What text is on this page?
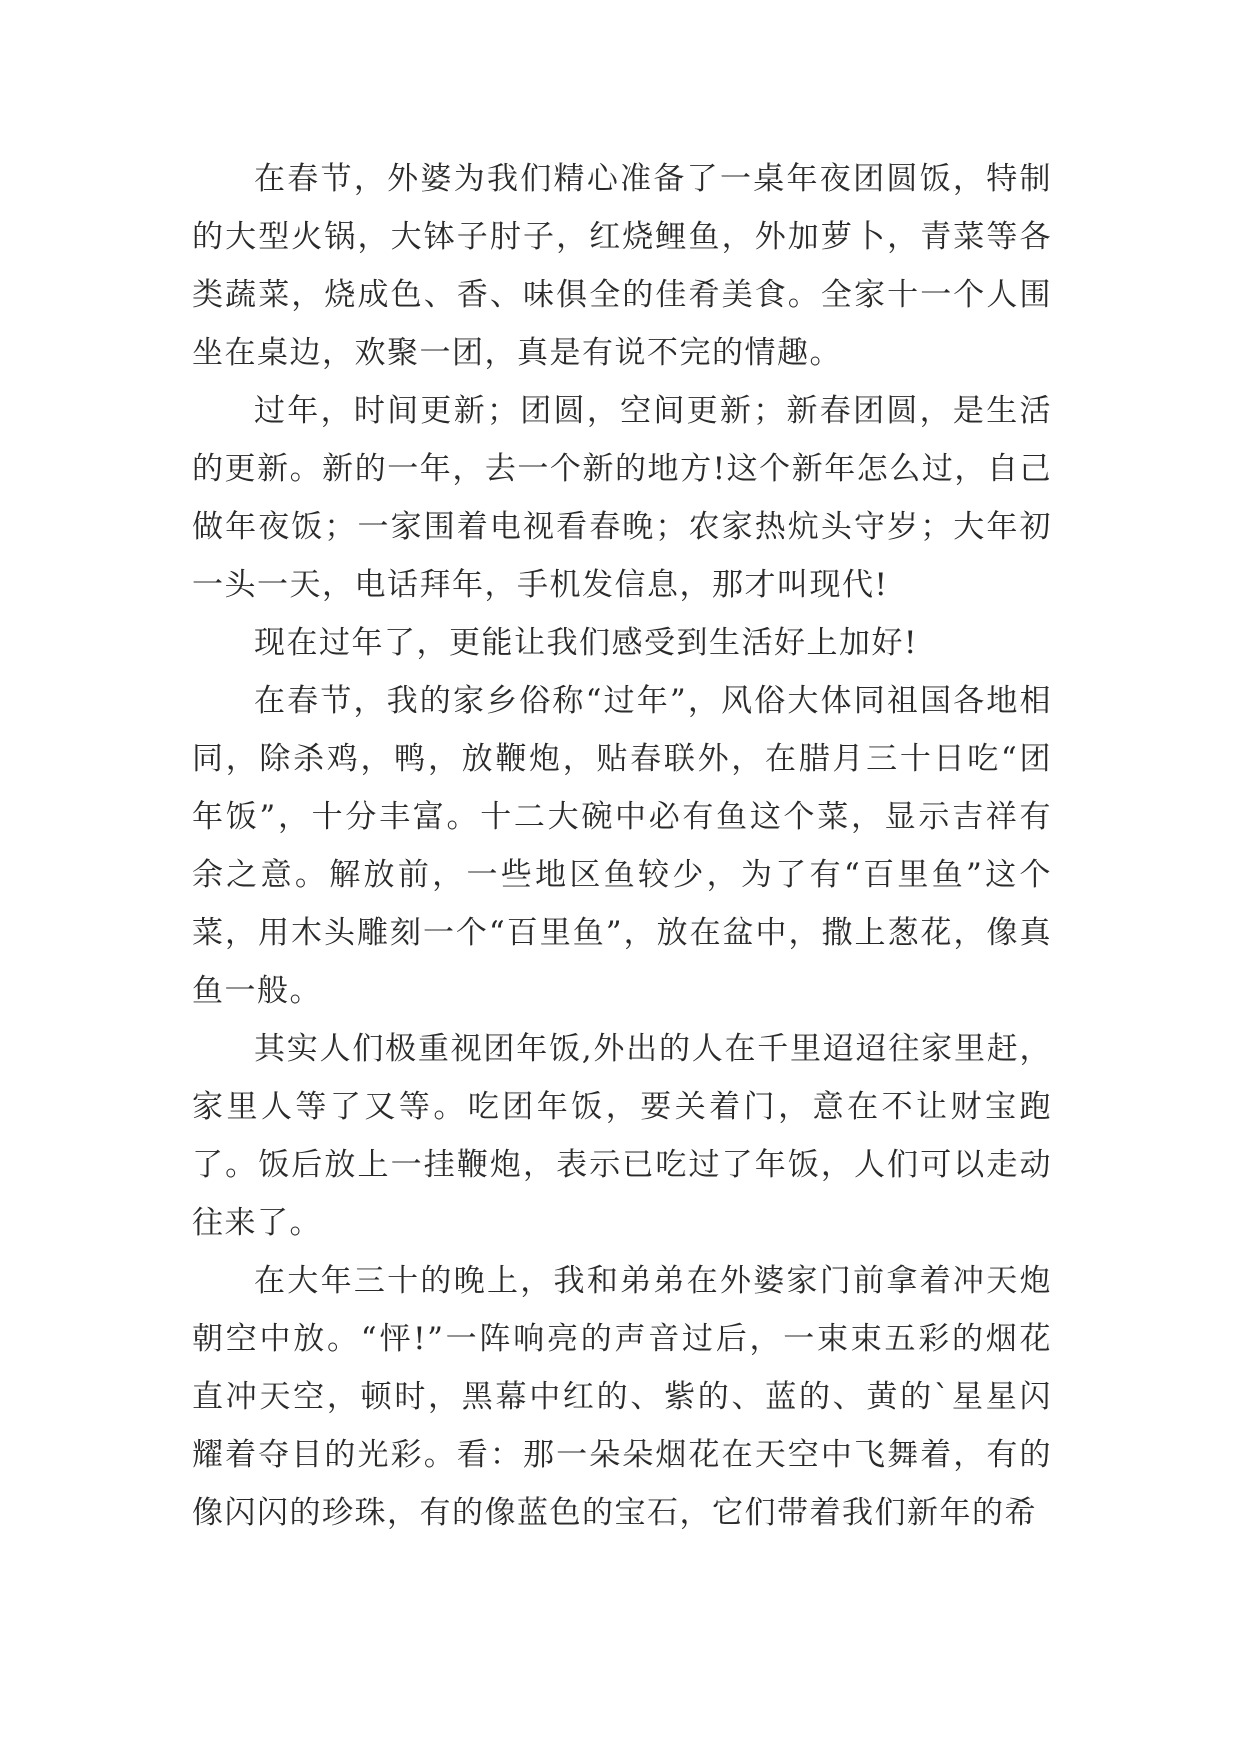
在春节，外婆为我们精心准备了一桌年夜团圆饭，特制的大型火锅，大钵子肘子，红烧鲤鱼，外加萝卜，青菜等各类蔬菜，烧成色、香、味俱全的佳肴美食。全家十一个人围坐在桌边，欢聚一团，真是有说不完的情趣。

过年，时间更新；团圆，空间更新；新春团圆，是生活的更新。新的一年，去一个新的地方!这个新年怎么过，自己做年夜饭；一家围着电视看春晚；农家热炕头守岁；大年初一头一天，电话拜年，手机发信息，那才叫现代!

现在过年了，更能让我们感受到生活好上加好!

在春节，我的家乡俗称“过年”，风俗大体同祖国各地相同，除杀鸡，鸭，放鞭炮，贴春联外，在腊月三十日吃“团年饭”，十分丰富。十二大碗中必有鱼这个菜，显示吉祥有余之意。解放前，一些地区鱼较少，为了有“百里鱼”这个菜，用木头雕刻一个“百里鱼”，放在盆中，撒上葱花，像真鱼一般。

其实人们极重视团年饭,外出的人在千里迢迢往家里赶，家里人等了又等。吃团年饭，要关着门，意在不让财宝跑了。饭后放上一挂鞭炮，表示已吃过了年饭，人们可以走动往来了。

在大年三十的晚上，我和弟弟在外婆家门前拿着冲天炮朝空中放。“怦!”一阵响亮的声音过后，一束束五彩的烟花直冲天空，顿时，黑幕中红的、紫的、蓝的、黄的`星星闪耀着夺目的光彩。看：那一朵朵烟花在天空中飞舞着，有的像闪闪的珍珠，有的像蓝色的宝石，它们带着我们新年的希
